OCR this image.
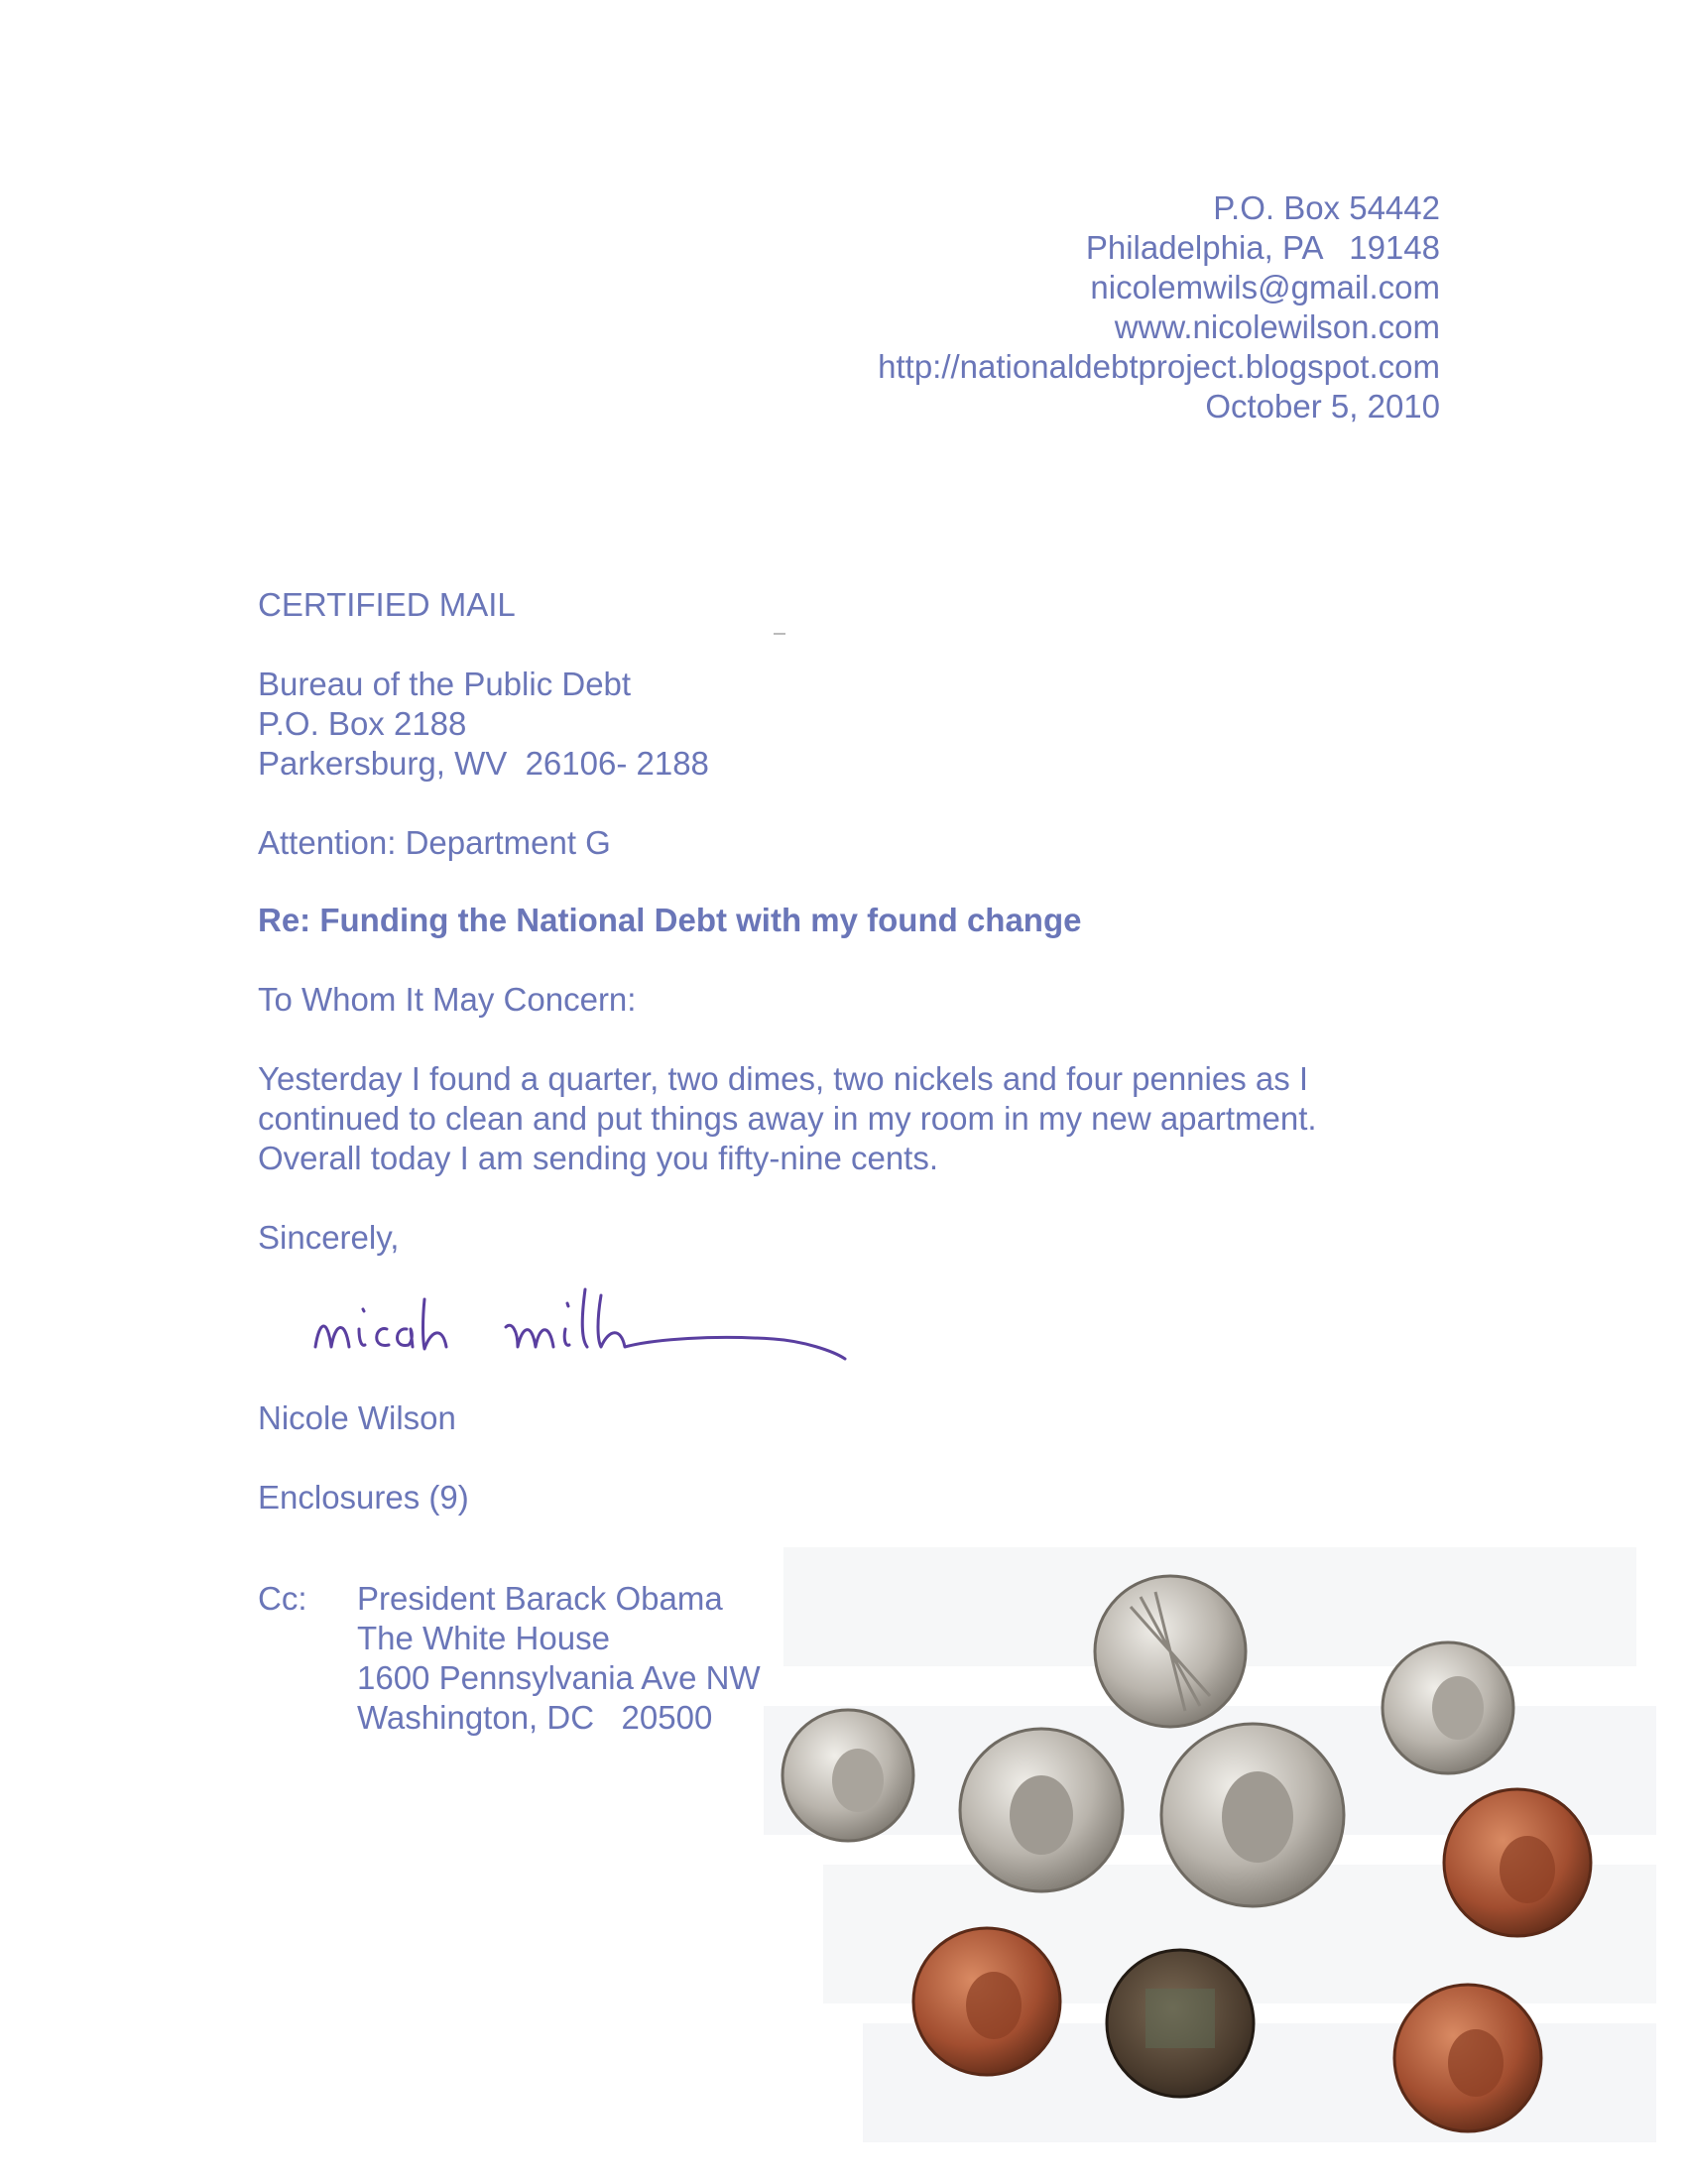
P.O. Box 54442
Philadelphia, PA   19148
nicolemwils@gmail.com
www.nicolewilson.com
http://nationaldebtproject.blogspot.com
October 5, 2010
CERTIFIED MAIL
Bureau of the Public Debt
P.O. Box 2188
Parkersburg, WV  26106- 2188
Attention: Department G
Re: Funding the National Debt with my found change
To Whom It May Concern:
Yesterday I found a quarter, two dimes, two nickels and four pennies as I
continued to clean and put things away in my room in my new apartment.
Overall today I am sending you fifty-nine cents.
Sincerely,
Nicole Wilson
Enclosures (9)
Cc: President Barack Obama
The White House
1600 Pennsylvania Ave NW
Washington, DC   20500
